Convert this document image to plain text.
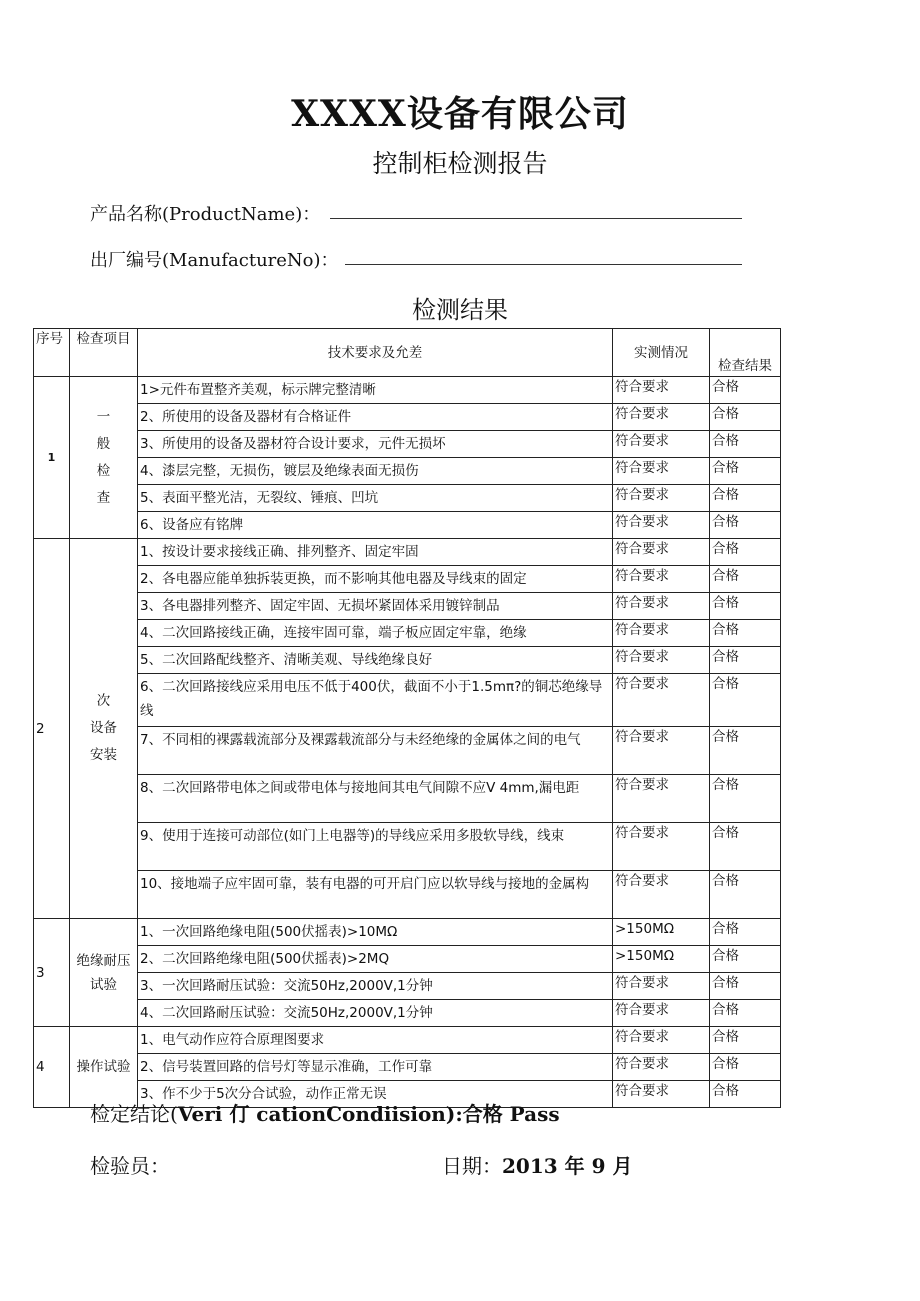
XXXX设备有限公司
控制柜检测报告
产品名称(ProductName)：
出厂编号(ManufactureNo)：
检测结果
序号	检查项目	技术要求及允差	实测情况	检查结果
1	一
般
检
查	1>元件布置整齐美观，标示牌完整清晰	符合要求	合格
		2、所使用的设备及器材有合格证件	符合要求	合格
		3、所使用的设备及器材符合设计要求，元件无损坏	符合要求	合格
		4、漆层完整，无损伤，镀层及绝缘表面无损伤	符合要求	合格
		5、表面平整光洁，无裂纹、锤痕、凹坑	符合要求	合格
		6、设备应有铭牌	符合要求	合格
2	次
设备
安装	1、按设计要求接线正确、排列整齐、固定牢固	符合要求	合格
		2、各电器应能单独拆装更换，而不影响其他电器及导线束的固定	符合要求	合格
		3、各电器排列整齐、固定牢固、无损坏紧固体采用镀锌制品	符合要求	合格
		4、二次回路接线正确，连接牢固可靠，端子板应固定牢靠，绝缘	符合要求	合格
		5、二次回路配线整齐、清晰美观、导线绝缘良好	符合要求	合格
		6、二次回路接线应采用电压不低于400伏，截面不小于1.5mπ?的铜芯绝缘导线	符合要求	合格
		7、不同相的裸露载流部分及裸露载流部分与未经绝缘的金属体之间的电气	符合要求	合格
		8、二次回路带电体之间或带电体与接地间其电气间隙不应V 4mm,漏电距	符合要求	合格
		9、使用于连接可动部位(如门上电器等)的导线应采用多股软导线，线束	符合要求	合格
		10、接地端子应牢固可靠，装有电器的可开启门应以软导线与接地的金属构	符合要求	合格
3	绝缘耐压试验	1、一次回路绝缘电阻(500伏摇表)>10MΩ	>150MΩ	合格
		2、二次回路绝缘电阻(500伏摇表)>2MQ	>150MΩ	合格
		3、一次回路耐压试验：交流50Hz,2000V,1分钟	符合要求	合格
		4、二次回路耐压试验：交流50Hz,2000V,1分钟	符合要求	合格
4	操作试验	1、电气动作应符合原理图要求	符合要求	合格
		2、信号装置回路的信号灯等显示准确，工作可靠	符合要求	合格
		3、作不少于5次分合试验，动作正常无误	符合要求	合格
检定结论(Veri 仃 cationCondiision):合格 Pass
检验员：	日期：2013 年 9 月
